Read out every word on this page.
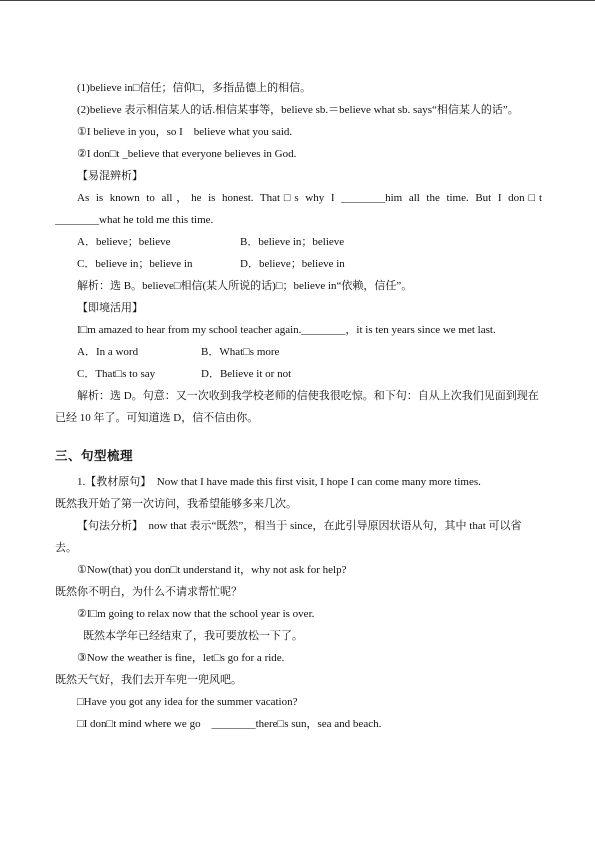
(1)believe in□信任；信仰□，多指品德上的相信。

(2)believe 表示相信某人的话.相信某事等，believe sb.＝believe what sb. says“相信某人的话”。

①I believe in you，so I　believe what you said.

②I don□t _believe that everyone believes in God.

【易混辨析】

As is known to all，he is honest. That□s why I ________him all the time. But I don□t

________what he told me this time.

A．believe；believe	B．believe in；believe
C．believe in；believe in	D．believe；believe in

解析：选 B。believe□相信(某人所说的话)□；believe in“依赖，信任”。

【即境活用】

I□m amazed to hear from my school teacher again.________，it is ten years since we met last.

A．In a word	B．What□s more
C．That□s to say	D．Believe it or not

解析：选 D。句意：又一次收到我学校老师的信使我很吃惊。和下句：自从上次我们见面到现在已经 10 年了。可知道选 D，信不信由你。

三、句型梳理

1.【教材原句】　Now that I have made this first visit, I hope I can come many more times.

既然我开始了第一次访问，我希望能够多来几次。

【句法分析】　now that 表示“既然”，相当于 since，在此引导原因状语从句，其中 that 可以省去。

①Now(that) you don□t understand it，why not ask for help?

既然你不明白，为什么不请求帮忙呢？

②I□m going to relax now that the school year is over.

既然本学年已经结束了，我可要放松一下了。

③Now the weather is fine，let□s go for a ride.

既然天气好，我们去开车兜一兜风吧。

□Have you got any idea for the summer vacation?

□I don□t mind where we go　________there□s sun，sea and beach.
